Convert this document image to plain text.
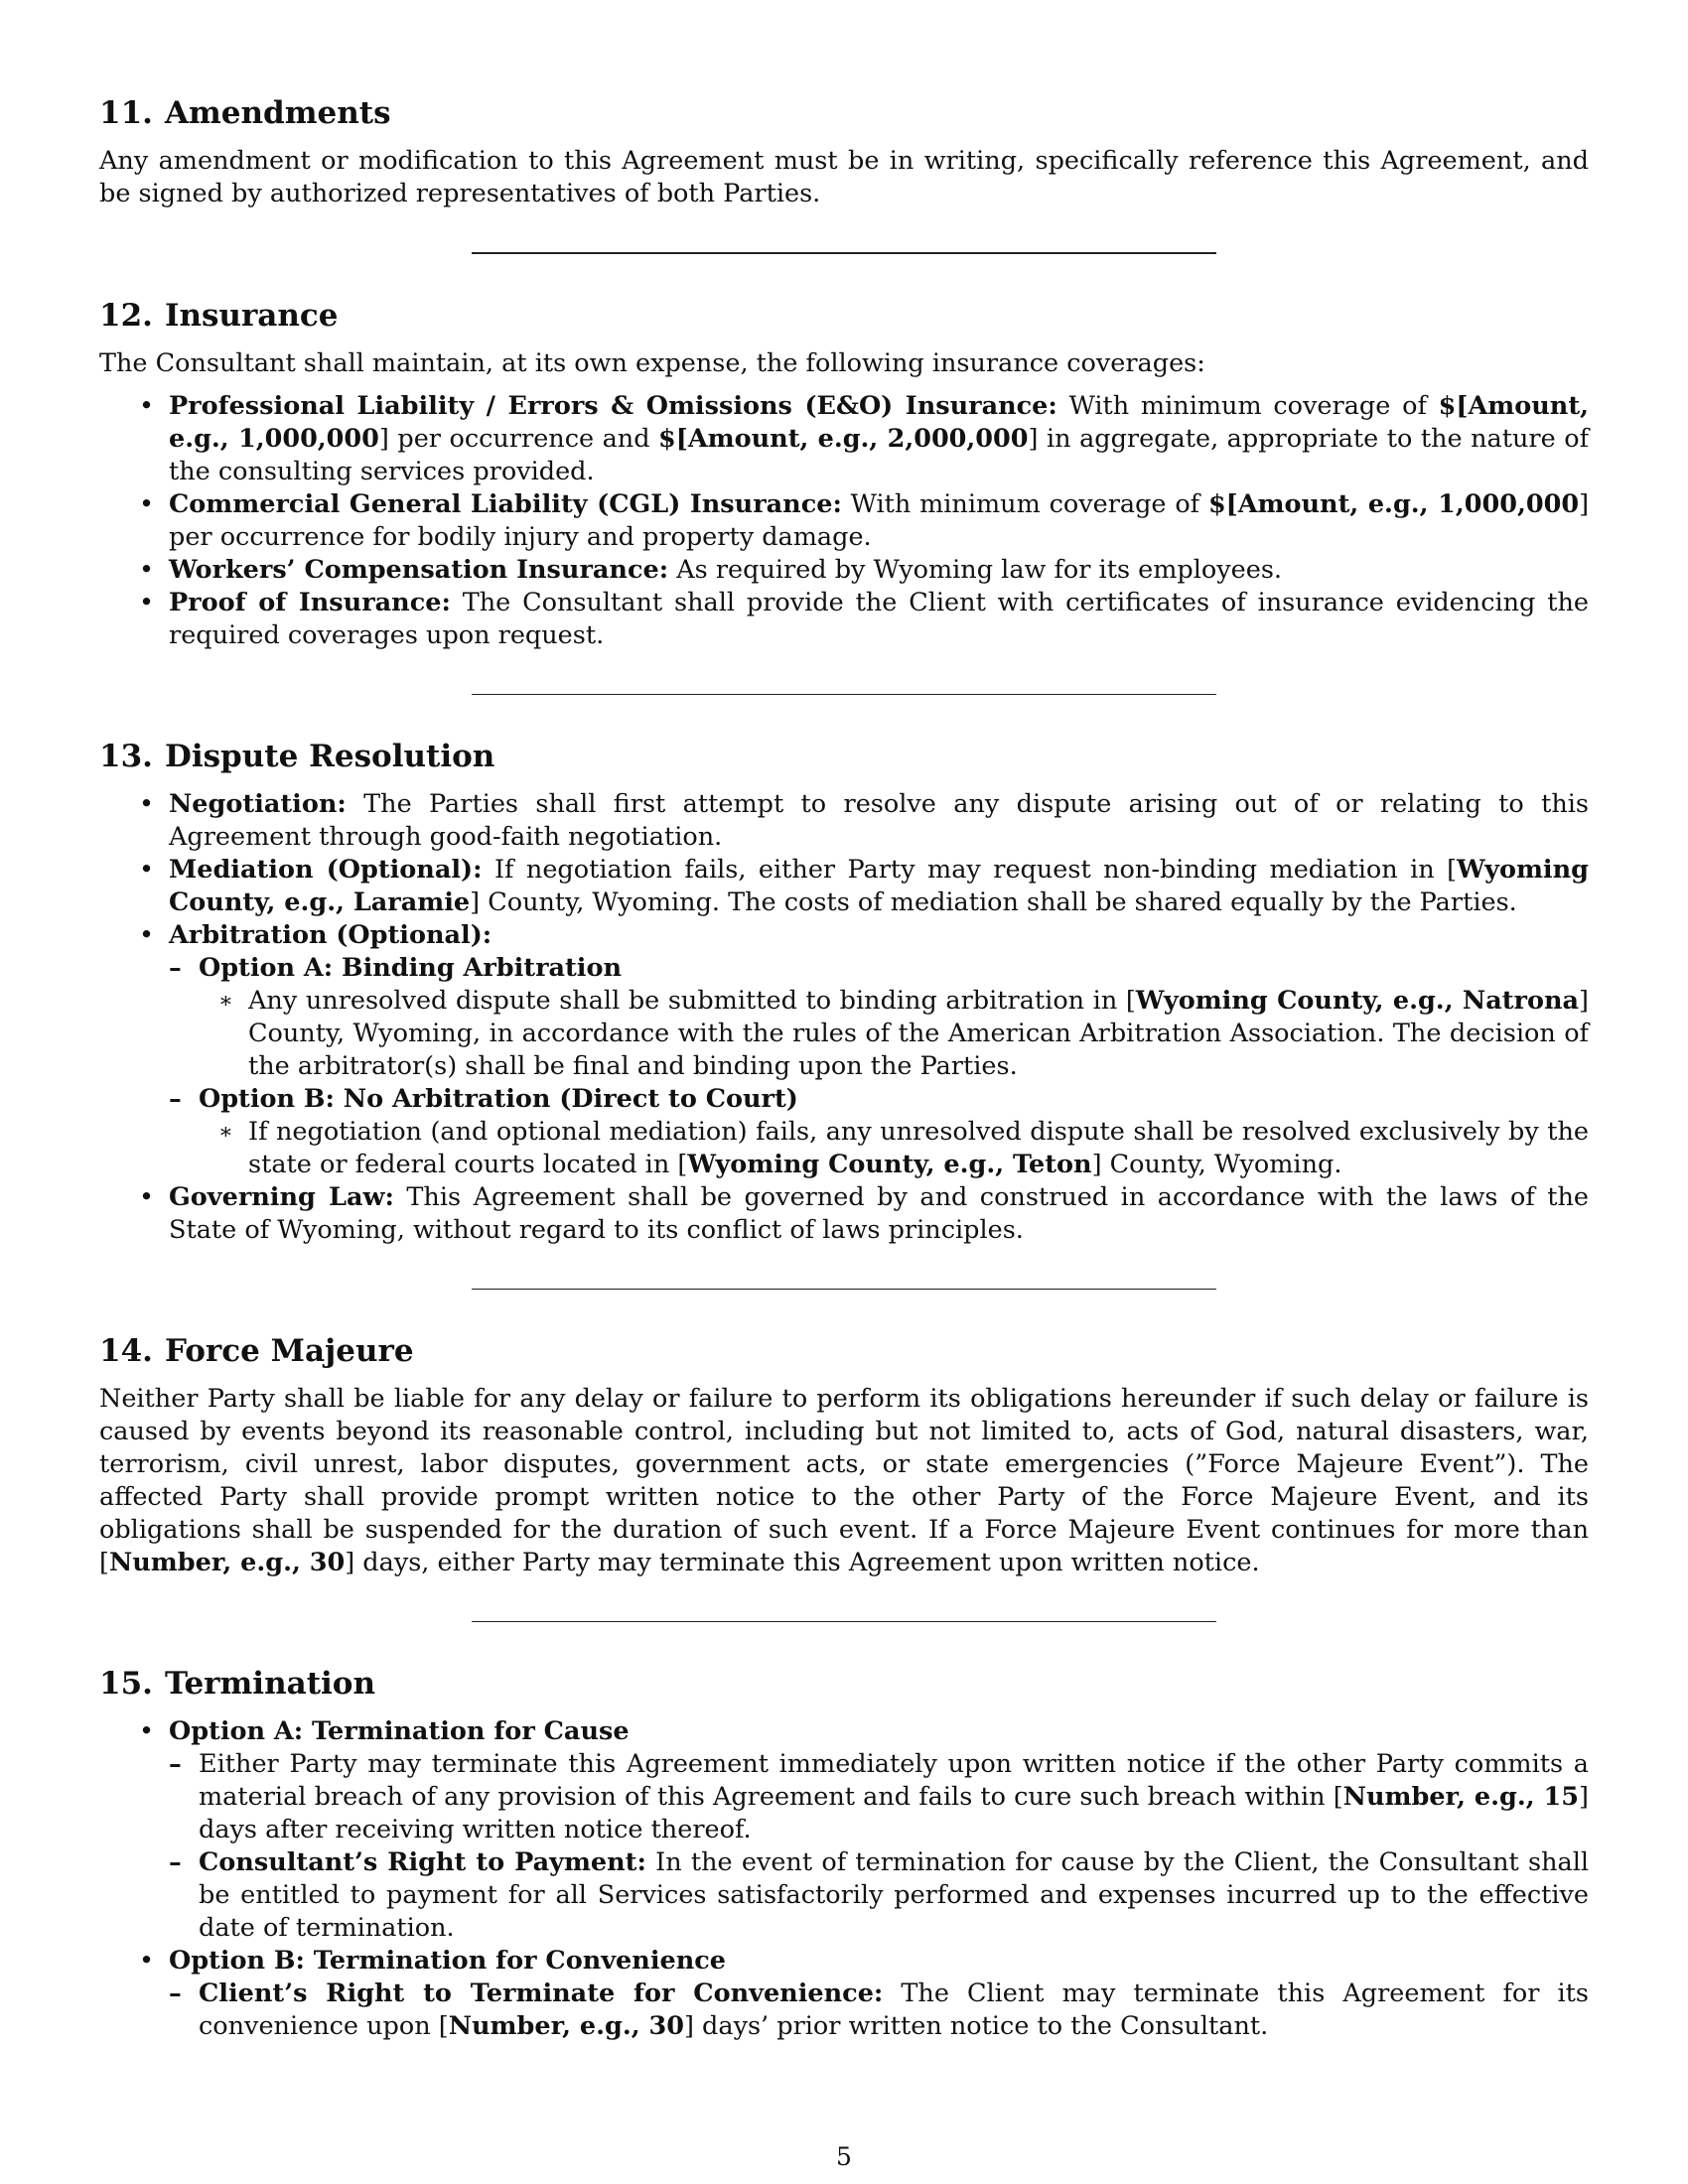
11. Amendments

Any amendment or modification to this Agreement must be in writing, specifically reference this Agreement, and be signed by authorized representatives of both Parties.

12. Insurance

The Consultant shall maintain, at its own expense, the following insurance coverages:

• Professional Liability / Errors & Omissions (E&O) Insurance: With minimum coverage of $[Amount, e.g., 1,000,000] per occurrence and $[Amount, e.g., 2,000,000] in aggregate, appropriate to the nature of the consulting services provided.
• Commercial General Liability (CGL) Insurance: With minimum coverage of $[Amount, e.g., 1,000,000] per occurrence for bodily injury and property damage.
• Workers’ Compensation Insurance: As required by Wyoming law for its employees.
• Proof of Insurance: The Consultant shall provide the Client with certificates of insurance evidencing the required coverages upon request.
13. Dispute Resolution
• Negotiation: The Parties shall first attempt to resolve any dispute arising out of or relating to this Agreement through good-faith negotiation.
• Mediation (Optional): If negotiation fails, either Party may request non-binding mediation in [Wyoming County, e.g., Laramie] County, Wyoming. The costs of mediation shall be shared equally by the Parties.
• Arbitration (Optional):
– Option A: Binding Arbitration
∗ Any unresolved dispute shall be submitted to binding arbitration in [Wyoming County, e.g., Natrona] County, Wyoming, in accordance with the rules of the American Arbitration Association. The decision of the arbitrator(s) shall be final and binding upon the Parties.
– Option B: No Arbitration (Direct to Court)
∗ If negotiation (and optional mediation) fails, any unresolved dispute shall be resolved exclusively by the state or federal courts located in [Wyoming County, e.g., Teton] County, Wyoming.
• Governing Law: This Agreement shall be governed by and construed in accordance with the laws of the State of Wyoming, without regard to its conflict of laws principles.
14. Force Majeure

Neither Party shall be liable for any delay or failure to perform its obligations hereunder if such delay or failure is caused by events beyond its reasonable control, including but not limited to, acts of God, natural disasters, war, terrorism, civil unrest, labor disputes, government acts, or state emergencies (”Force Majeure Event”). The affected Party shall provide prompt written notice to the other Party of the Force Majeure Event, and its obligations shall be suspended for the duration of such event. If a Force Majeure Event continues for more than [Number, e.g., 30] days, either Party may terminate this Agreement upon written notice.

15. Termination
• Option A: Termination for Cause
– Either Party may terminate this Agreement immediately upon written notice if the other Party commits a material breach of any provision of this Agreement and fails to cure such breach within [Number, e.g., 15] days after receiving written notice thereof.
– Consultant’s Right to Payment: In the event of termination for cause by the Client, the Consultant shall be entitled to payment for all Services satisfactorily performed and expenses incurred up to the effective date of termination.
• Option B: Termination for Convenience
– Client’s Right to Terminate for Convenience: The Client may terminate this Agreement for its convenience upon [Number, e.g., 30] days’ prior written notice to the Consultant.
5
